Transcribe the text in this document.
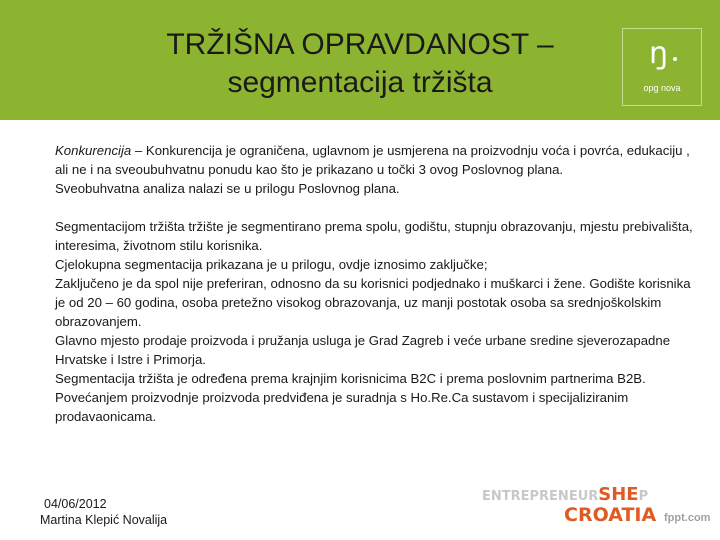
TRŽIŠNA OPRAVDANOST –
segmentacija tržišta
ŋ
opg nova

Konkurencija – Konkurencija je ograničena, uglavnom je usmjerena na proizvodnju voća i povrća, edukaciju , ali ne i na sveoubuhvatnu ponudu kao što je prikazano u točki 3 ovog Poslovnog plana.

Sveobuhvatna analiza nalazi se u prilogu Poslovnog plana.

Segmentacijom tržišta tržište je segmentirano prema spolu, godištu, stupnju obrazovanju, mjestu prebivališta, interesima, životnom stilu korisnika.

Cjelokupna segmentacija prikazana je u prilogu, ovdje iznosimo zaključke;

Zaključeno je da spol nije preferiran, odnosno da su korisnici podjednako i muškarci i žene. Godište korisnika je od 20 – 60 godina, osoba pretežno visokog obrazovanja, uz manji postotak osoba sa srednjoškolskim obrazovanjem.

Glavno mjesto prodaje proizvoda i pružanja usluga je Grad Zagreb i veće urbane sredine sjeverozapadne Hrvatske i Istre i Primorja.

Segmentacija tržišta je određena prema krajnjim korisnicima B2C i prema poslovnim partnerima B2B.

Povećanjem proizvodnje proizvoda predviđena je suradnja s Ho.Re.Ca sustavom i specijaliziranim prodavaonicama.

04/06/2012
Martina Klepić Novalija
ENTREPRENEURSHEP
CROATIA fppt.com
